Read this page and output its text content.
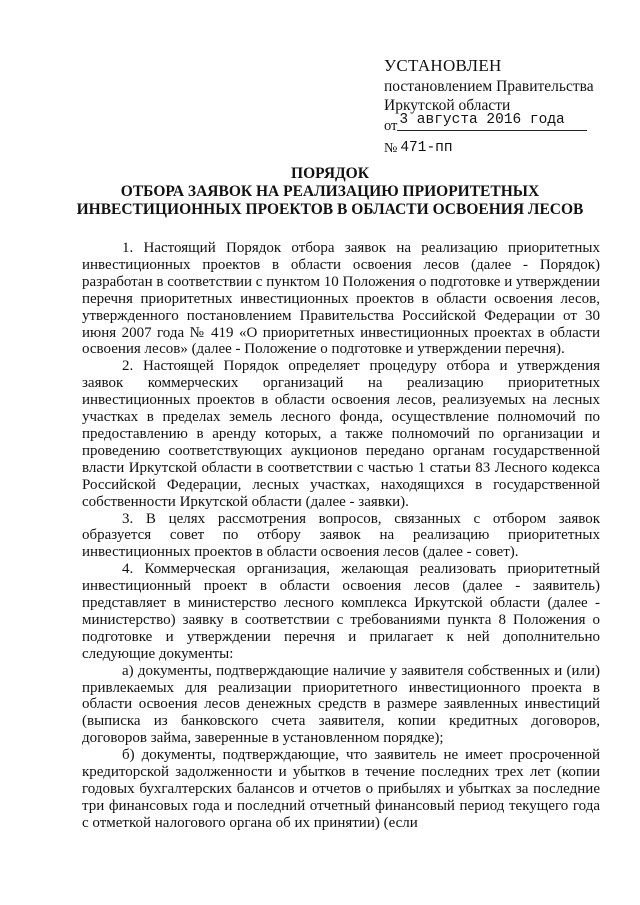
УСТАНОВЛЕН
постановлением Правительства
Иркутской области
от 3 августа 2016 года
№ 471-пп
ПОРЯДОК
ОТБОРА ЗАЯВОК НА РЕАЛИЗАЦИЮ ПРИОРИТЕТНЫХ
ИНВЕСТИЦИОННЫХ ПРОЕКТОВ В ОБЛАСТИ ОСВОЕНИЯ ЛЕСОВ

1. Настоящий Порядок отбора заявок на реализацию приоритетных инвестиционных проектов в области освоения лесов (далее - Порядок) разработан в соответствии с пунктом 10 Положения о подготовке и утверждении перечня приоритетных инвестиционных проектов в области освоения лесов, утвержденного постановлением Правительства Российской Федерации от 30 июня 2007 года № 419 «О приоритетных инвестиционных проектах в области освоения лесов» (далее - Положение о подготовке и утверждении перечня).

2. Настоящей Порядок определяет процедуру отбора и утверждения заявок коммерческих организаций на реализацию приоритетных инвестиционных проектов в области освоения лесов, реализуемых на лесных участках в пределах земель лесного фонда, осуществление полномочий по предоставлению в аренду которых, а также полномочий по организации и проведению соответствующих аукционов передано органам государственной власти Иркутской области в соответствии с частью 1 статьи 83 Лесного кодекса Российской Федерации, лесных участках, находящихся в государственной собственности Иркутской области (далее - заявки).

3. В целях рассмотрения вопросов, связанных с отбором заявок образуется совет по отбору заявок на реализацию приоритетных инвестиционных проектов в области освоения лесов (далее - совет).

4. Коммерческая организация, желающая реализовать приоритетный инвестиционный проект в области освоения лесов (далее - заявитель) представляет в министерство лесного комплекса Иркутской области (далее - министерство) заявку в соответствии с требованиями пункта 8 Положения о подготовке и утверждении перечня и прилагает к ней дополнительно следующие документы:

а) документы, подтверждающие наличие у заявителя собственных и (или) привлекаемых для реализации приоритетного инвестиционного проекта в области освоения лесов денежных средств в размере заявленных инвестиций (выписка из банковского счета заявителя, копии кредитных договоров, договоров займа, заверенные в установленном порядке);

б) документы, подтверждающие, что заявитель не имеет просроченной кредиторской задолженности и убытков в течение последних трех лет (копии годовых бухгалтерских балансов и отчетов о прибылях и убытках за последние три финансовых года и последний отчетный финансовый период текущего года с отметкой налогового органа об их принятии) (если
